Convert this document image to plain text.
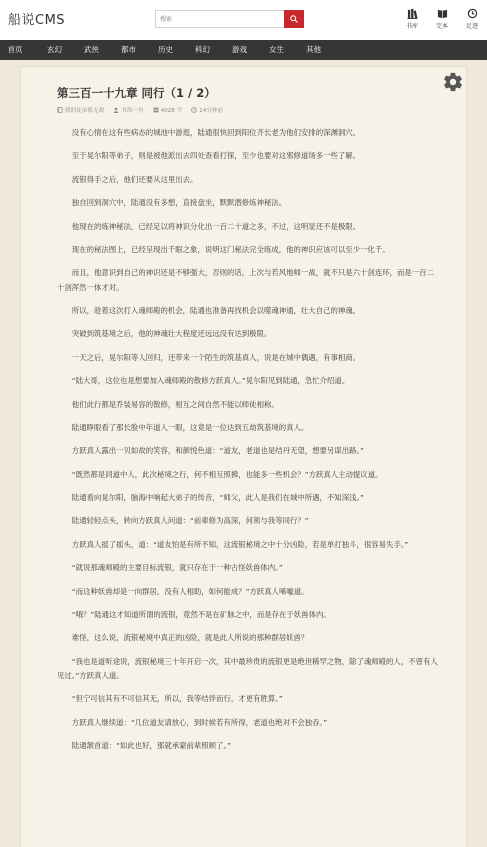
船说CMS
搜索	书库	完本	足迹
首页	玄幻	武侠	都市	历史	科幻	游戏	女生	其他
第三百一十九章 同行（1 / 2）
我的徒弟都无敌	书海一舟	4028 字	14分钟前

没有心情在这有些病态的城池中游逛，陆通很快回到阳位齐长老为他们安排的深渊洞穴。

至于晃尔阳等弟子，则是被他派出去四处查看打探，至少也要对这邪修道场多一些了解。

流银得手之后，他们还要从这里出去。

独自回到洞穴中，陆通没有多想，直接盘坐，默默潜修炼神秘法。

他现在的炼神秘法，已经足以将神识分化出一百二十道之多，不过，这明显还不是极限。

现在的秘法图上，已经呈现出千眼之象，说明这门秘法完全练成，他的神识应该可以至少一化千。

而且，他意识到自己的神识还是不够强大，否则的话，上次与若风地师一战，就不只是六十剑连环，而是一百二十剑浑然一体才对。

所以，趁着这次打入魂师殿的机会，陆通也准备再找机会以噬魂神通，壮大自己的神魂。

突破到筑基境之后，他的神魂壮大程度还远远没有达到极限。

一天之后，晃尔阳等人回归，还带来一个陌生的筑基真人，说是在城中偶遇，有事相商。

“陆大哥，这位也是想要加入魂师殿的散修方跃真人。”晃尔阳见到陆通，急忙介绍道。

他们此行都是乔装易容的散修，相互之间自然不能以师徒相称。

陆通睁眼看了那长脸中年道人一眼，这竟是一位达到五劫筑基境的真人。

方跃真人露出一贝如故的笑容，和颜悦色道：“道友，老道也是结丹无望，想要另谋出路。”

“既然都是同道中人，此次秘境之行，何不相互照拂，也能多一些机会？”方跃真人主动提议道。

陆通看向晃尔阳，脑海中响起大弟子的传音，“师父，此人是我们在城中所遇，不知深浅。”

陆通轻轻点头，转向方跃真人问道：“前辈修为高深，何须与我等同行？”

方跃真人摇了摇头，道：“道友怕是有所不知，这流银秘境之中十分凶险，若是单打独斗，很容易失手。”

“就说那魂师殿的主要目标流银，就只存在于一种古怪妖兽体内。”

“而这种妖兽却是一向群居，没有人相助，如何能成？”方跃真人唏嘘道。

“哦？”陆通这才知道所谓的流银，竟然不是在矿脉之中，而是存在于妖兽体内。

难怪，这么说，流银秘境中真正的凶险，就是此人所说的那种群居妖兽？

“我也是道听途说，流银秘境三十年开启一次，其中最珍贵的流银更是绝世稀罕之物，除了魂师殿的人，不曾有人见过。”方跃真人道。

“但宁可信其有不可信其无，所以，我等结伴而行，才更有胜算。”

方跃真人继续道：“几位道友请放心，到时候若有所得，老道也绝对不会独吞。”

陆通颔首道：“如此也好，那就承蒙前辈照顾了。”
